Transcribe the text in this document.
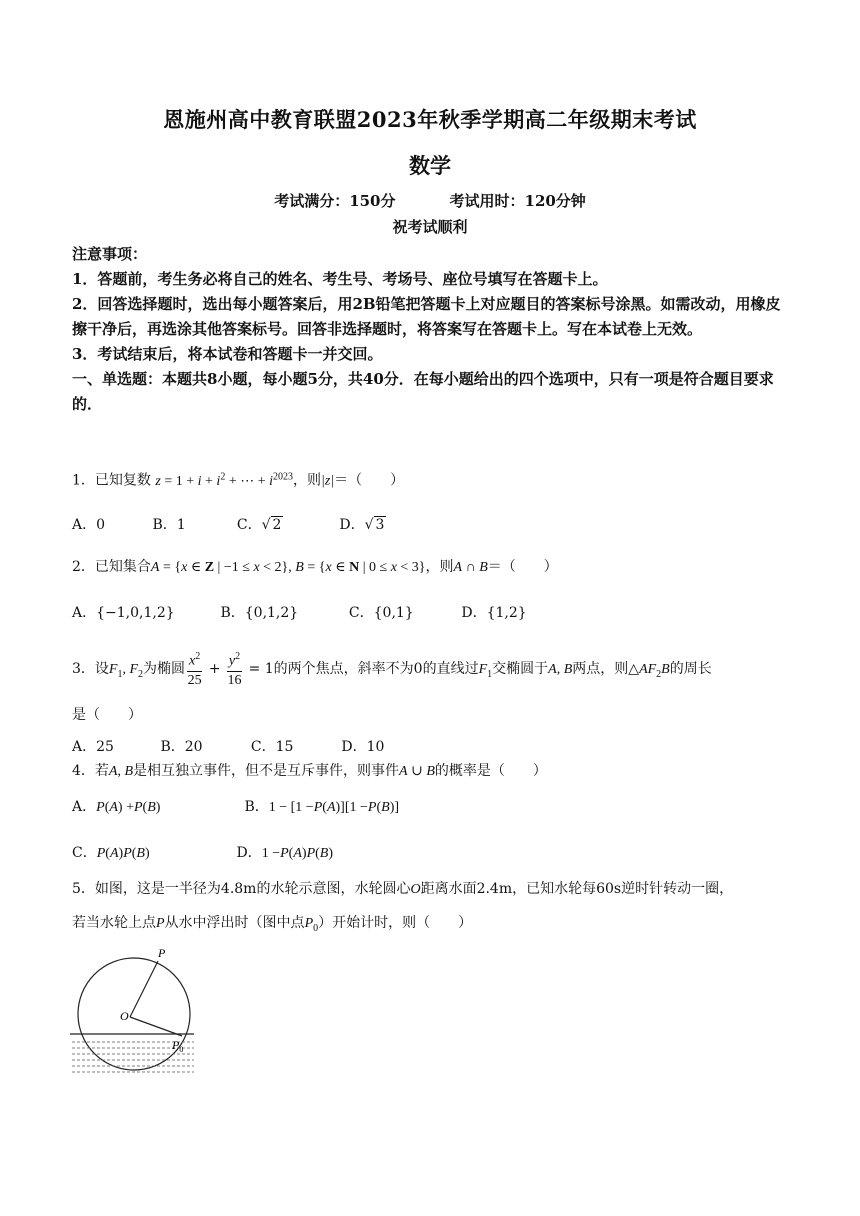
恩施州高中教育联盟2023年秋季学期高二年级期末考试
数学
考试满分：150分	考试用时：120分钟
祝考试顺利

注意事项：

1．答题前，考生务必将自己的姓名、考生号、考场号、座位号填写在答题卡上。

2．回答选择题时，选出每小题答案后，用2B铅笔把答题卡上对应题目的答案标号涂黑。如需改动，用橡皮擦干净后，再选涂其他答案标号。回答非选择题时，将答案写在答题卡上。写在本试卷上无效。

3．考试结束后，将本试卷和答题卡一并交回。

一、单选题：本题共8小题，每小题5分，共40分．在每小题给出的四个选项中，只有一项是符合题目要求的．

1．已知复数 $z = 1 + i + i^2$ + ⋯ + $i^{2023}$，则|z|＝（　　）
A．0	B．1	C．√ 2	D．√ 3
2．已知集合A = {x ∈ Z | −1 ≤ x < 2}, B = {x ∈ N | 0 ≤ x < 3}，则A ∩ B＝（　　）
A．{−1,0,1,2}	B．{0,1,2}	C．{0,1}	D．{1,2}
3．设$F_1$, $F_2$为椭圆 $\frac{x^2}{25} + \frac{y^2}{16} = 1$的两个焦点，斜率不为0的直线过$F_1$交椭圆于A, B两点，则$\triangle AF_2B$的周长
是（　　）
A．25	B．20	C．15	D．10
4．若A, B是相互独立事件，但不是互斥事件，则事件A ∪ B的概率是（　　）
A．P(A) +P(B)	B．1 − [1 −P(A)][1 −P(B)]
C．P(A)P(B)	D．1 −P(A)P(B)
5．如图，这是一半径为4.8m的水轮示意图，水轮圆心O距离水面2.4m，已知水轮每60s逆时针转动一圈，
若当水轮上点P从水中浮出时（图中点$P_0$）开始计时，则（　　）
P
O
$P_0$
